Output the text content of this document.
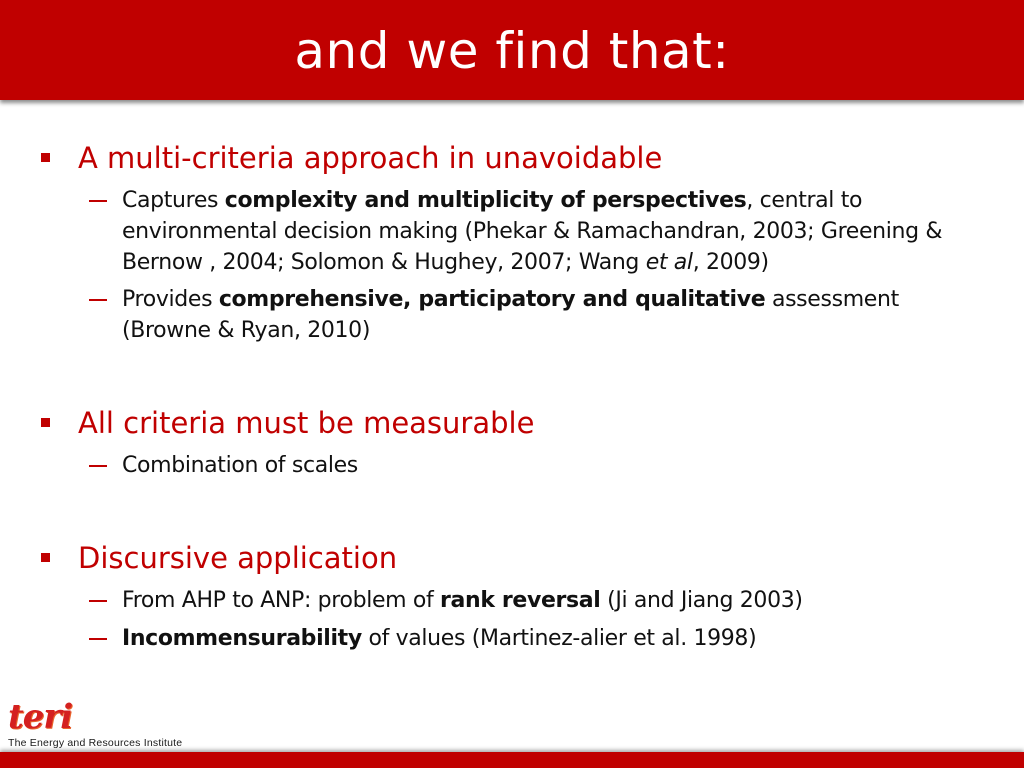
and we find that:
A multi-criteria approach in unavoidable
Captures complexity and multiplicity of perspectives, central to environmental decision making (Phekar & Ramachandran, 2003; Greening & Bernow , 2004; Solomon & Hughey, 2007; Wang et al, 2009)
Provides comprehensive, participatory and qualitative assessment (Browne & Ryan, 2010)
All criteria must be measurable
Combination of scales
Discursive application
From AHP to ANP: problem of rank reversal (Ji and Jiang 2003)
Incommensurability of values (Martinez-alier et al. 1998)
teri
The Energy and Resources Institute
